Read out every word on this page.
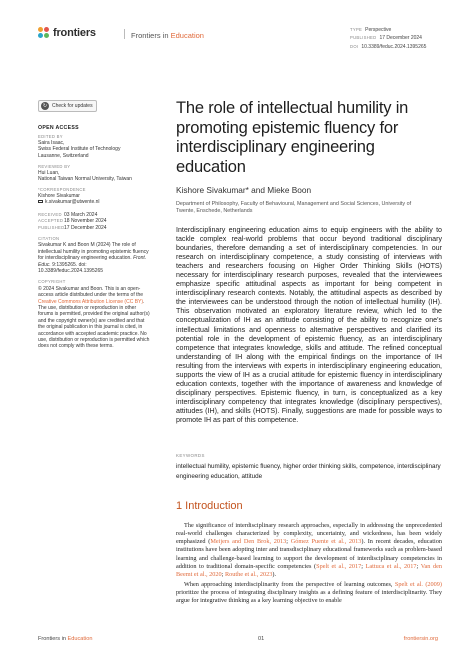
frontiers	Frontiers in Education
TYPE Perspective
PUBLISHED 17 December 2024
DOI 10.3389/feduc.2024.1395265
↻ Check for updates
OPEN ACCESS
EDITED BY
Saira Isaac,
Swiss Federal Institute of Technology
Lausanne, Switzerland
REVIEWED BY
Hui Luan,
National Taiwan Normal University, Taiwan
*CORRESPONDENCE
Kishore Sivakumar
k.sivakumar@utwente.nl
RECEIVED 03 March 2024
ACCEPTED18 November 2024
PUBLISHED17 December 2024
CITATION
Sivakumar K and Boon M (2024) The role of intellectual humility in promoting epistemic fluency for interdisciplinary engineering education. Front. Educ. 9:1395265. doi: 10.3389/feduc.2024.1395265
COPYRIGHT
© 2024 Sivakumar and Boon. This is an open-access article distributed under the terms of the Creative Commons Attribution License (CC BY). The use, distribution or reproduction in other forums is permitted, provided the original author(s) and the copyright owner(s) are credited and that the original publication in this journal is cited, in accordance with accepted academic practice. No use, distribution or reproduction is permitted which does not comply with these terms.
The role of intellectual humility in promoting epistemic fluency for interdisciplinary engineering education
Kishore Sivakumar* and Mieke Boon
Department of Philosophy, Faculty of Behavioural, Management and Social Sciences, University of Twente, Enschede, Netherlands
Interdisciplinary engineering education aims to equip engineers with the ability to tackle complex real-world problems that occur beyond traditional disciplinary boundaries, therefore demanding a set of interdisciplinary competencies. In our research on interdisciplinary competence, a study consisting of interviews with teachers and researchers focusing on Higher Order Thinking Skills (HOTS) necessary for interdisciplinary research purposes, revealed that the interviewees emphasize specific attitudinal aspects as important for being competent in interdisciplinary research contexts. Notably, the attitudinal aspects as described by the interviewees can be understood through the notion of intellectual humility (IH). This observation motivated an exploratory literature review, which led to the conceptualization of IH as an attitude consisting of the ability to recognize one's intellectual limitations and openness to alternative perspectives and clarified its potential role in the development of epistemic fluency, as an interdisciplinary competence that integrates knowledge, skills and attitude. The refined conceptual understanding of IH along with the empirical findings on the importance of IH resulting from the interviews with experts in interdisciplinary engineering education, supports the view of IH as a crucial attitude for epistemic fluency in interdisciplinary education contexts, together with the importance of awareness and knowledge of disciplinary perspectives. Epistemic fluency, in turn, is conceptualized as a key interdisciplinary competency that integrates knowledge (disciplinary perspectives), attitudes (IH), and skills (HOTS). Finally, suggestions are made for possible ways to promote IH as part of this competence.
KEYWORDS
intellectual humility, epistemic fluency, higher order thinking skills, competence, interdisciplinary engineering education, attitude
1 Introduction

The significance of interdisciplinary research approaches, especially in addressing the unprecedented real-world challenges characterized by complexity, uncertainty, and wickedness, has been widely emphasized (Meijers and Den Brok, 2013; Gómez Puente et al., 2013). In recent decades, education institutions have been adopting inter and transdisciplinary educational frameworks such as problem-based learning and challenge-based learning to support the development of interdisciplinary competencies in addition to traditional domain-specific competencies (Spelt et al., 2017; Lattuca et al., 2017; Van den Beemt et al., 2020; Routhe et al., 2023).

When approaching interdisciplinarity from the perspective of learning outcomes, Spelt et al. (2009) prioritize the process of integrating disciplinary insights as a defining feature of interdisciplinarity. They argue for integrative thinking as a key learning objective to enable

Frontiers in Education	01	frontiersin.org
